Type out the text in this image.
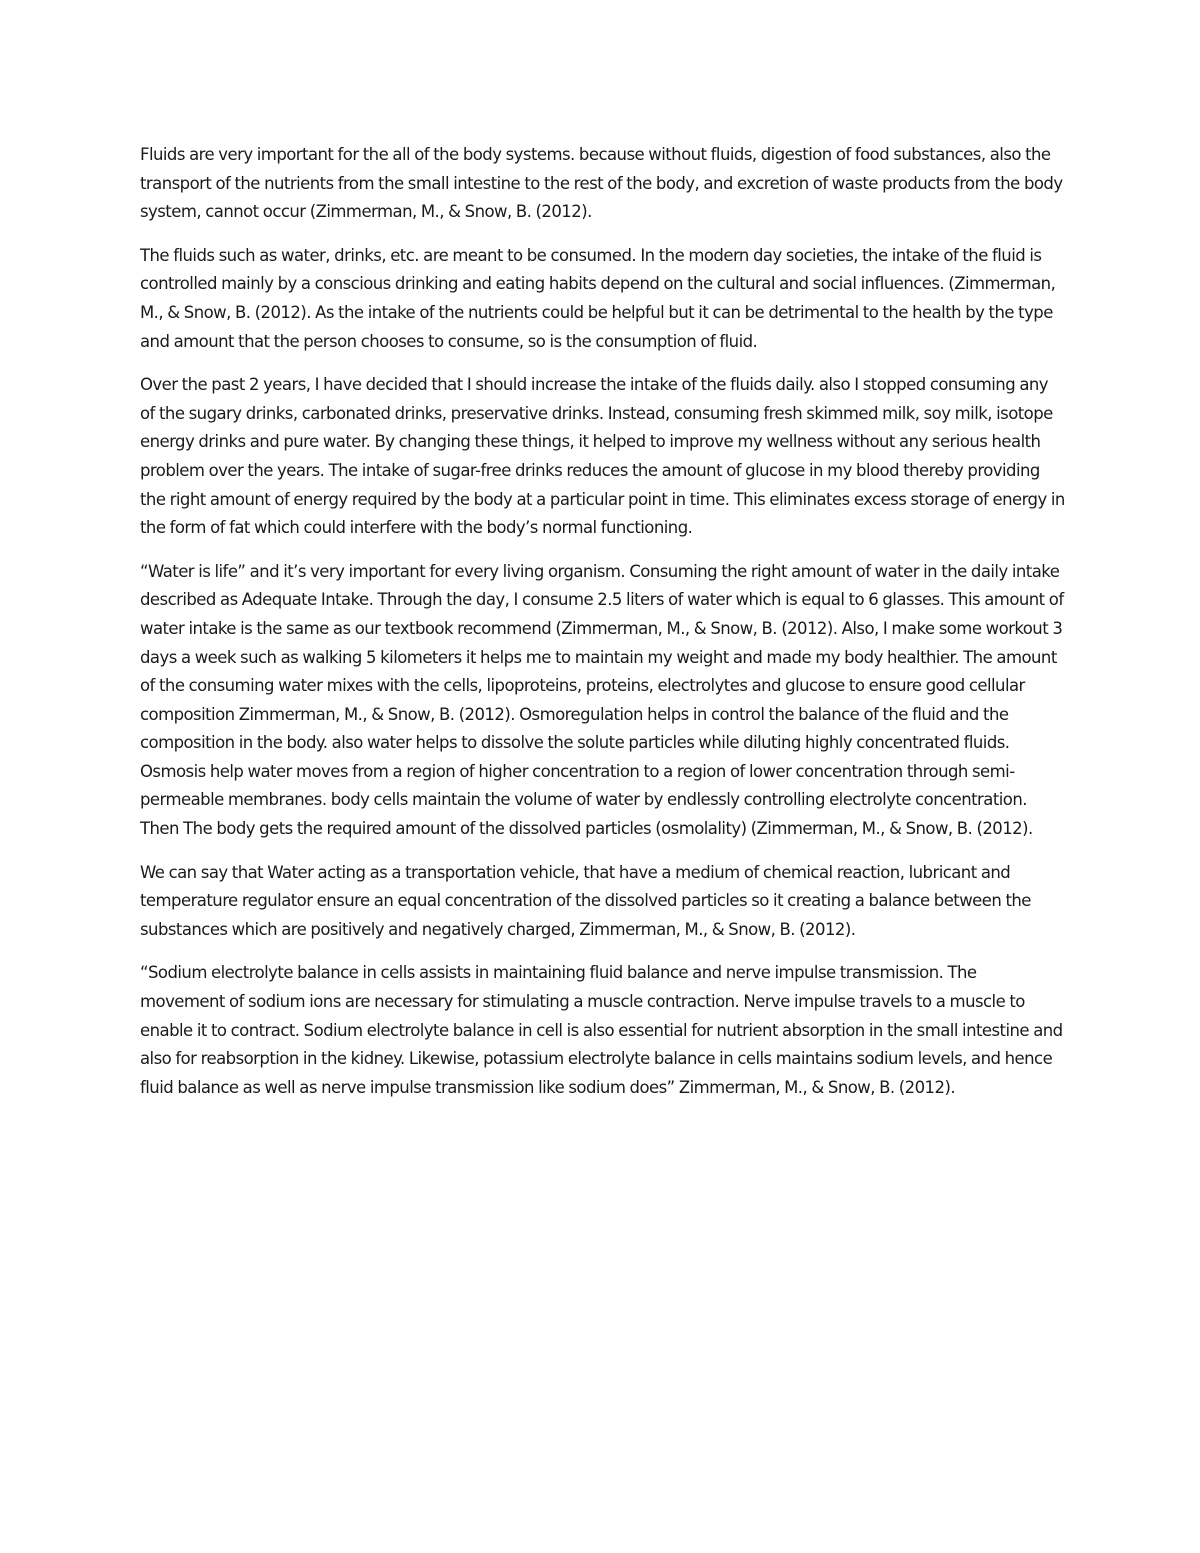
Fluids are very important for the all of the body systems. because without fluids, digestion of food substances, also the transport of the nutrients from the small intestine to the rest of the body, and excretion of waste products from the body system, cannot occur (Zimmerman, M., & Snow, B. (2012).

The fluids such as water, drinks, etc. are meant to be consumed. In the modern day societies, the intake of the fluid is controlled mainly by a conscious drinking and eating habits depend on the cultural and social influences. (Zimmerman, M., & Snow, B. (2012). As the intake of the nutrients could be helpful but it can be detrimental to the health by the type and amount that the person chooses to consume, so is the consumption of fluid.

Over the past 2 years, I have decided that I should increase the intake of the fluids daily. also I stopped consuming any of the sugary drinks, carbonated drinks, preservative drinks. Instead, consuming fresh skimmed milk, soy milk, isotope energy drinks and pure water. By changing these things, it helped to improve my wellness without any serious health problem over the years. The intake of sugar-free drinks reduces the amount of glucose in my blood thereby providing the right amount of energy required by the body at a particular point in time. This eliminates excess storage of energy in the form of fat which could interfere with the body’s normal functioning.

“Water is life” and it’s very important for every living organism. Consuming the right amount of water in the daily intake described as Adequate Intake. Through the day, I consume 2.5 liters of water which is equal to 6 glasses. This amount of water intake is the same as our textbook recommend (Zimmerman, M., & Snow, B. (2012). Also, I make some workout 3 days a week such as walking 5 kilometers it helps me to maintain my weight and made my body healthier. The amount of the consuming water mixes with the cells, lipoproteins, proteins, electrolytes and glucose to ensure good cellular composition Zimmerman, M., & Snow, B. (2012). Osmoregulation helps in control the balance of the fluid and the composition in the body. also water helps to dissolve the solute particles while diluting highly concentrated fluids. Osmosis help water moves from a region of higher concentration to a region of lower concentration through semi-permeable membranes. body cells maintain the volume of water by endlessly controlling electrolyte concentration. Then The body gets the required amount of the dissolved particles (osmolality) (Zimmerman, M., & Snow, B. (2012).

We can say that Water acting as a transportation vehicle, that have a medium of chemical reaction, lubricant and temperature regulator ensure an equal concentration of the dissolved particles so it creating a balance between the substances which are positively and negatively charged, Zimmerman, M., & Snow, B. (2012).

“Sodium electrolyte balance in cells assists in maintaining fluid balance and nerve impulse transmission. The movement of sodium ions are necessary for stimulating a muscle contraction. Nerve impulse travels to a muscle to enable it to contract. Sodium electrolyte balance in cell is also essential for nutrient absorption in the small intestine and also for reabsorption in the kidney. Likewise, potassium electrolyte balance in cells maintains sodium levels, and hence fluid balance as well as nerve impulse transmission like sodium does” Zimmerman, M., & Snow, B. (2012).
